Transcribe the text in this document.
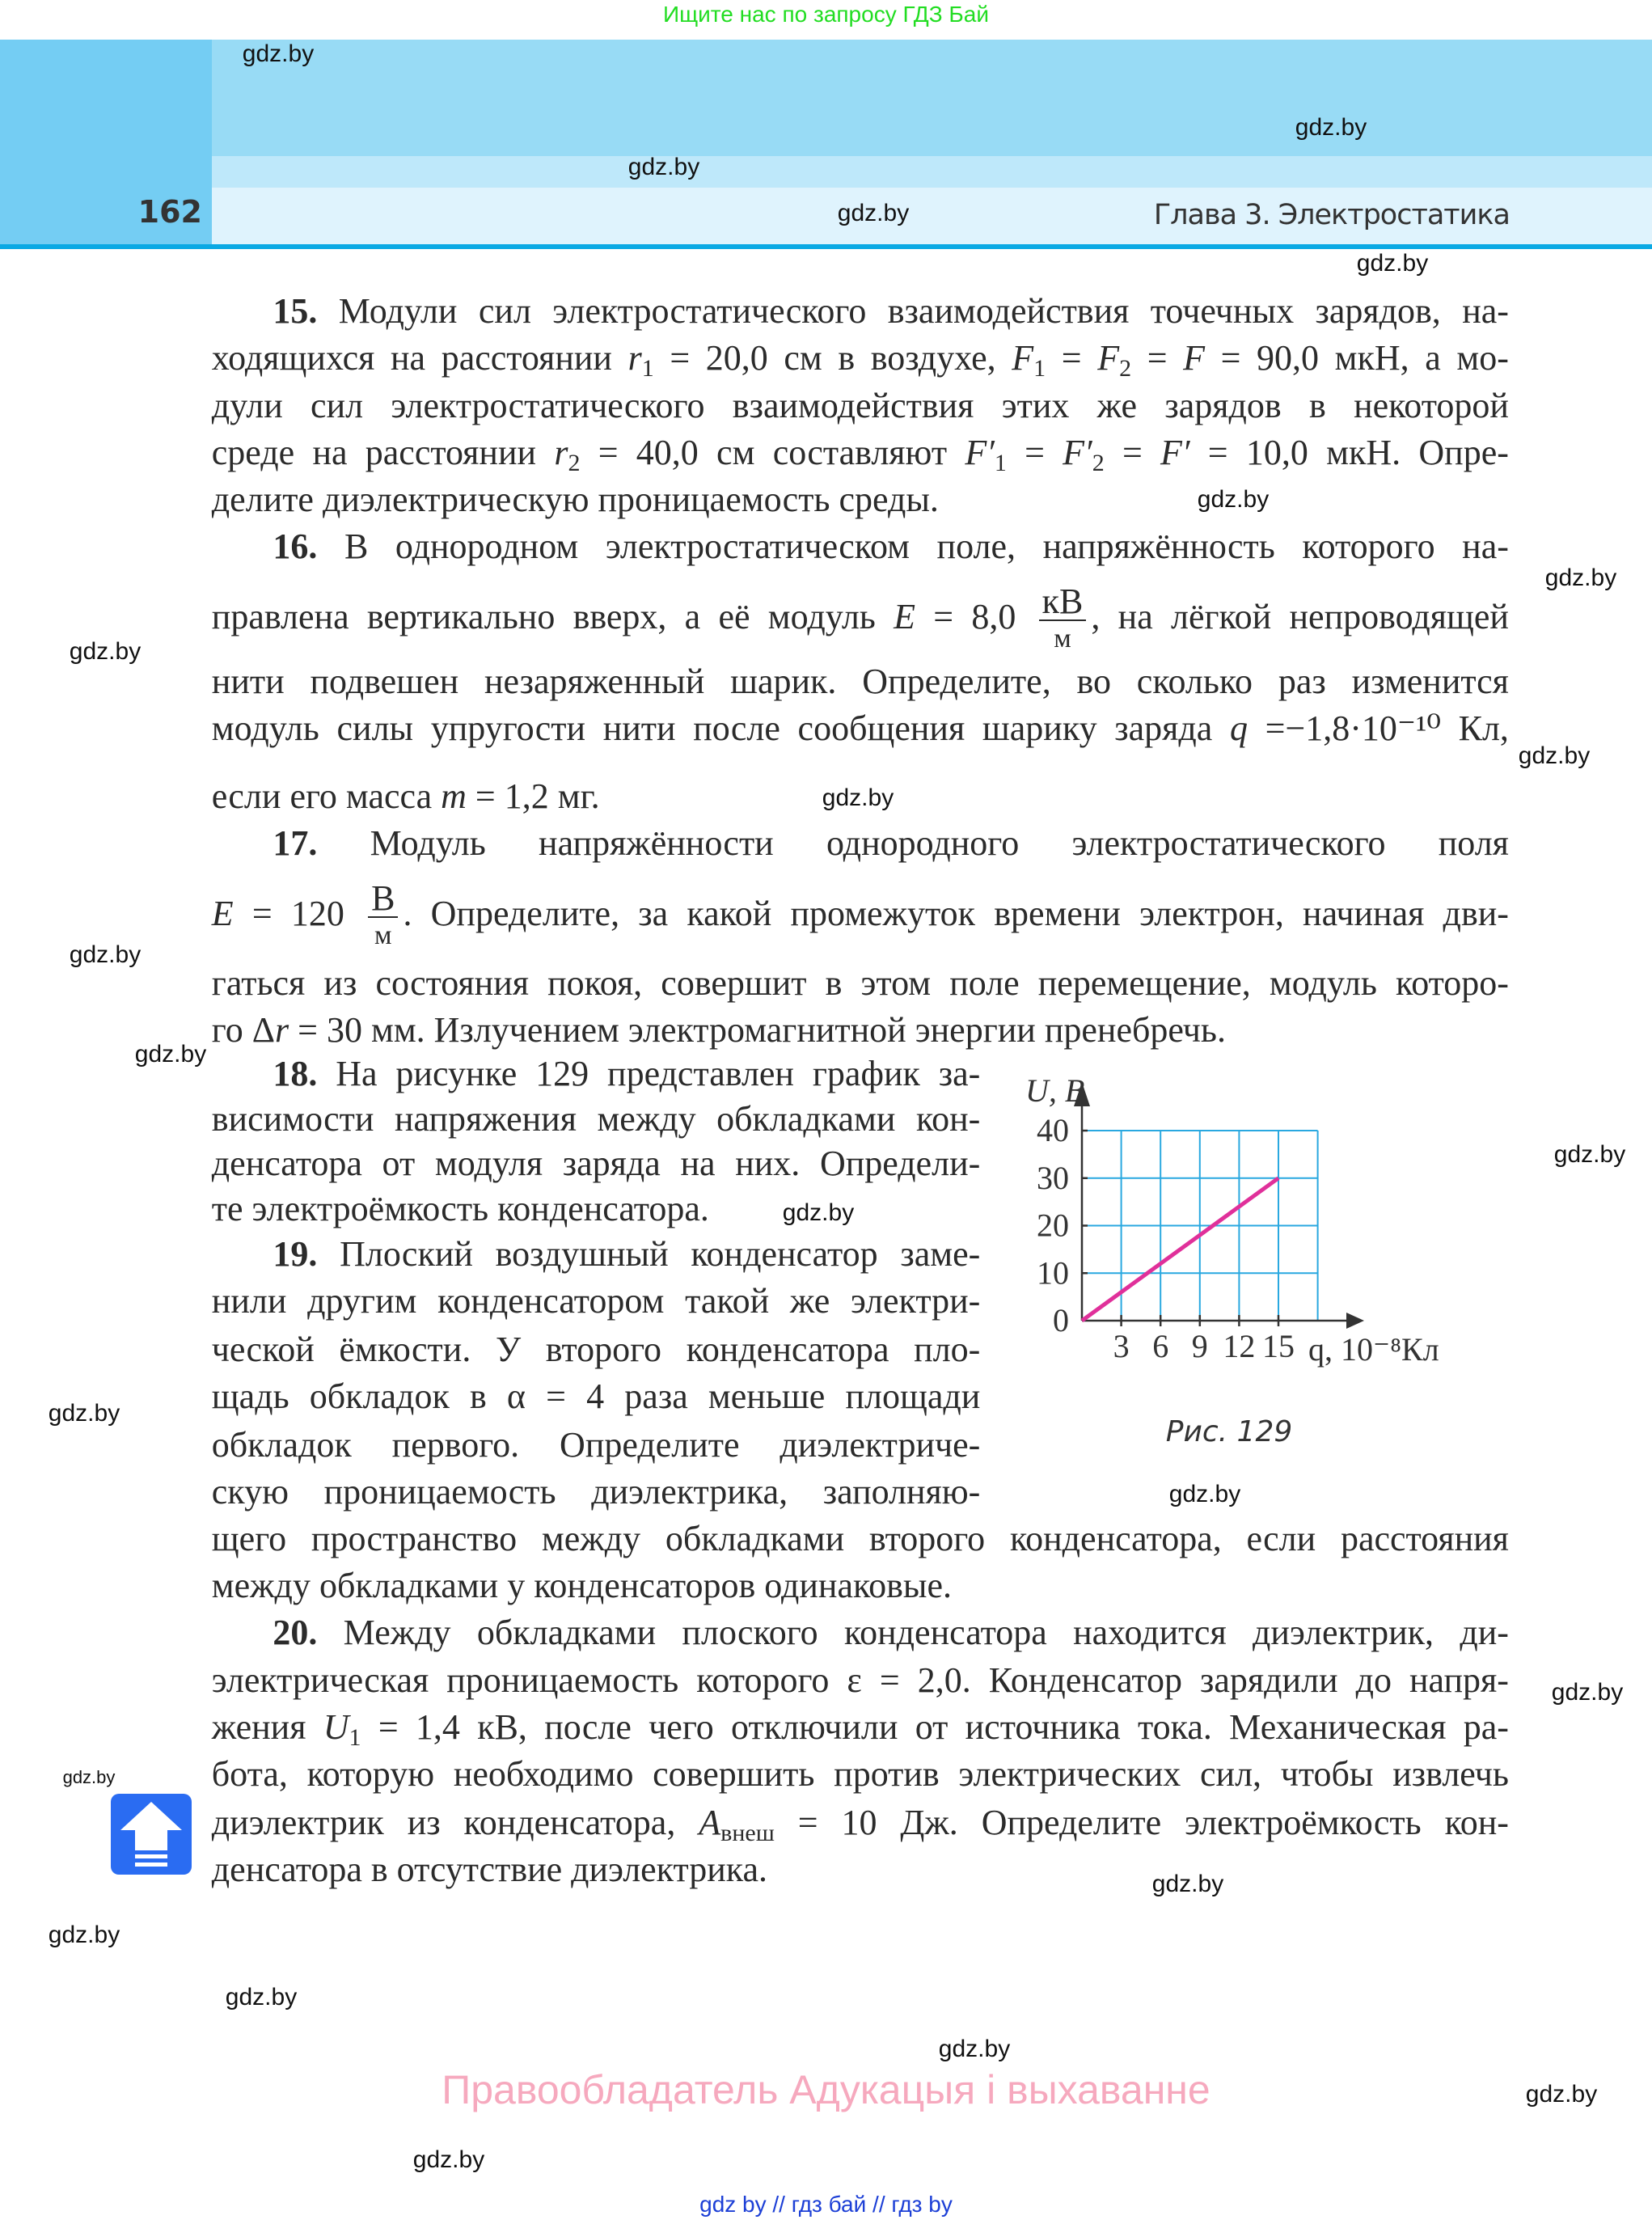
Ищите нас по запросу ГДЗ Бай
162	Глава 3. Электростатика
15. Модули сил электростатического взаимодействия точечных зарядов, на-
ходящихся на расстоянии $r_1 = 20,0$ см в воздухе, $F_1 = F_2 = F = 90,0$ мкН, а мо-
дули сил электростатического взаимодействия этих же зарядов в некоторой
среде на расстоянии $r_2 = 40,0$ см составляют $F'_1 = F'_2 = F' = 10,0$ мкН. Опре-
делите диэлектрическую проницаемость среды.
16. В однородном электростатическом поле, напряжённость которого на-
правлена вертикально вверх, а её модуль $E = 8,0 \frac{кВ}{м}$ , на лёгкой непроводящей
нити подвешен незаряженный шарик. Определите, во сколько раз изменится
модуль силы упругости нити после сообщения шарику заряда q =−1,8·10⁻¹⁰ Кл,
если его масса m = 1,2 мг.
17. Модуль напряжённости однородного электростатического поля
$E = 120 \frac{В}{м}$ . Определите, за какой промежуток времени электрон, начиная дви-
гаться из состояния покоя, совершит в этом поле перемещение, модуль которо-
го Δr = 30 мм. Излучением электромагнитной энергии пренебречь.
18. На рисунке 129 представлен график за-
висимости напряжения между обкладками кон-
денсатора от модуля заряда на них. Определи-
те электроёмкость конденсатора.
19. Плоский воздушный конденсатор заме-
нили другим конденсатором такой же электри-
ческой ёмкости. У второго конденсатора пло-
щадь обкладок в α = 4 раза меньше площади
обкладок первого. Определите диэлектриче-
скую проницаемость диэлектрика, заполняю-
щего пространство между обкладками второго конденсатора, если расстояния
между обкладками у конденсаторов одинаковые.
20. Между обкладками плоского конденсатора находится диэлектрик, ди-
электрическая проницаемость которого ε = 2,0. Конденсатор зарядили до напря-
жения $U_1 = 1,4$ кВ, после чего отключили от источника тока. Механическая ра-
бота, которую необходимо совершить против электрических сил, чтобы извлечь
диэлектрик из конденсатора, $A_{внеш} = 10$ Дж. Определите электроёмкость кон-
денсатора в отсутствие диэлектрика.
0
10
20
30
40
3 6 9 12 15
U, В
q, 10⁻⁸Кл
Рис. 129
gdz.by
gdz.by
gdz.by
gdz.by
gdz.by
gdz.by
gdz.by
gdz.by
gdz.by
gdz.by
gdz.by
gdz.by
gdz.by
gdz.by
gdz.by
gdz.by
gdz.by
gdz.by
gdz.by
gdz.by
gdz.by
gdz.by
gdz.by
gdz.by
Правообладатель Адукацыя і выхаванне
gdz by // гдз бай // гдз by
